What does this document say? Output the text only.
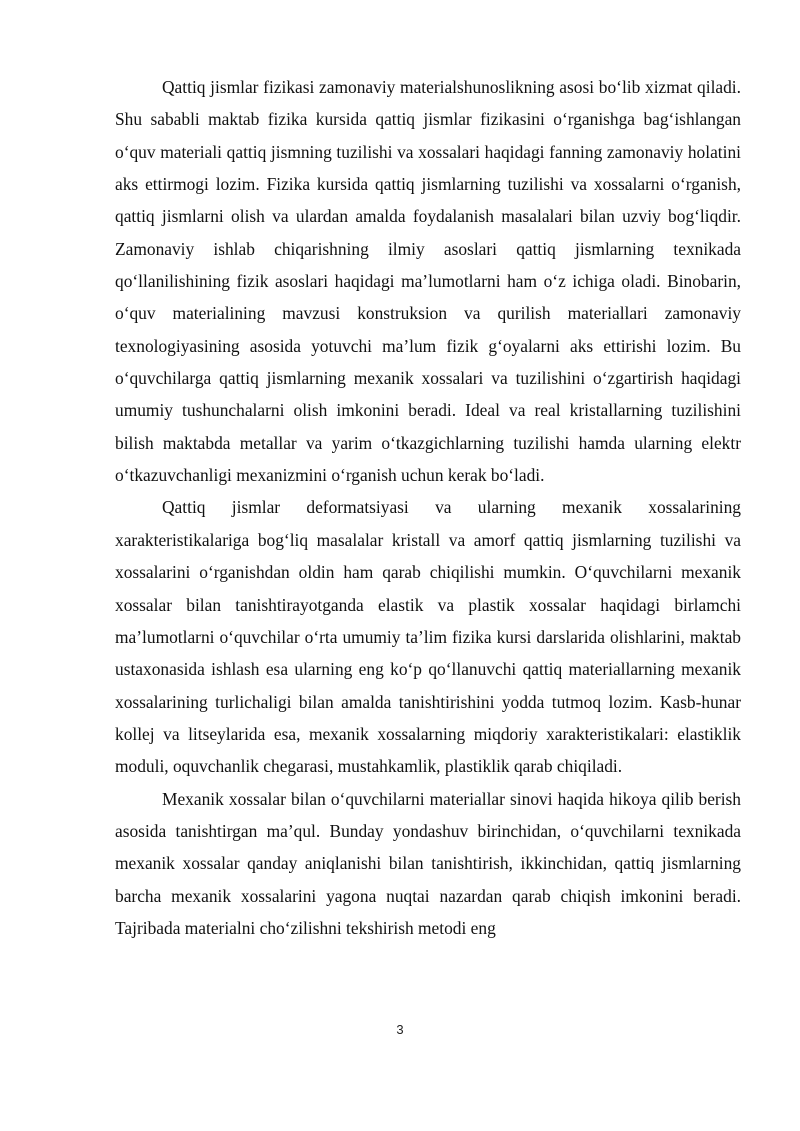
Qattiq jismlar fizikasi zamonaviy materialshunoslikning asosi bo‘lib xizmat qiladi. Shu sababli maktab fizika kursida qattiq jismlar fizikasini o‘rganishga bag‘ishlangan o‘quv materiali qattiq jismning tuzilishi va xossalari haqidagi fanning zamonaviy holatini aks ettirmogi lozim. Fizika kursida qattiq jismlarning tuzilishi va xossalarni o‘rganish, qattiq jismlarni olish va ulardan amalda foydalanish masalalari bilan uzviy bog‘liqdir. Zamonaviy ishlab chiqarishning ilmiy asoslari qattiq jismlarning texnikada qo‘llanilishining fizik asoslari haqidagi ma’lumotlarni ham o‘z ichiga oladi. Binobarin, o‘quv materialining mavzusi konstruksion va qurilish materiallari zamonaviy texnologiyasining asosida yotuvchi ma’lum fizik g‘oyalarni aks ettirishi lozim. Bu o‘quvchilarga qattiq jismlarning mexanik xossalari va tuzilishini o‘zgartirish haqidagi umumiy tushunchalarni olish imkonini beradi. Ideal va real kristallarning tuzilishini bilish maktabda metallar va yarim o‘tkazgichlarning tuzilishi hamda ularning elektr o‘tkazuvchanligi mexanizmini o‘rganish uchun kerak bo‘ladi.

Qattiq jismlar deformatsiyasi va ularning mexanik xossalarining xarakteristikalariga bog‘liq masalalar kristall va amorf qattiq jismlarning tuzilishi va xossalarini o‘rganishdan oldin ham qarab chiqilishi mumkin. O‘quvchilarni mexanik xossalar bilan tanishtirayotganda elastik va plastik xossalar haqidagi birlamchi ma’lumotlarni o‘quvchilar o‘rta umumiy ta’lim fizika kursi darslarida olishlarini, maktab ustaxonasida ishlash esa ularning eng ko‘p qo‘llanuvchi qattiq materiallarning mexanik xossalarining turlichaligi bilan amalda tanishtirishini yodda tutmoq lozim. Kasb-hunar kollej va litseylarida esa, mexanik xossalarning miqdoriy xarakteristikalari: elastiklik moduli, oquvchanlik chegarasi, mustahkamlik, plastiklik qarab chiqiladi.

Mexanik xossalar bilan o‘quvchilarni materiallar sinovi haqida hikoya qilib berish asosida tanishtirgan ma’qul. Bunday yondashuv birinchidan, o‘quvchilarni texnikada mexanik xossalar qanday aniqlanishi bilan tanishtirish, ikkinchidan, qattiq jismlarning barcha mexanik xossalarini yagona nuqtai nazardan qarab chiqish imkonini beradi. Tajribada materialni cho‘zilishni tekshirish metodi eng

3
